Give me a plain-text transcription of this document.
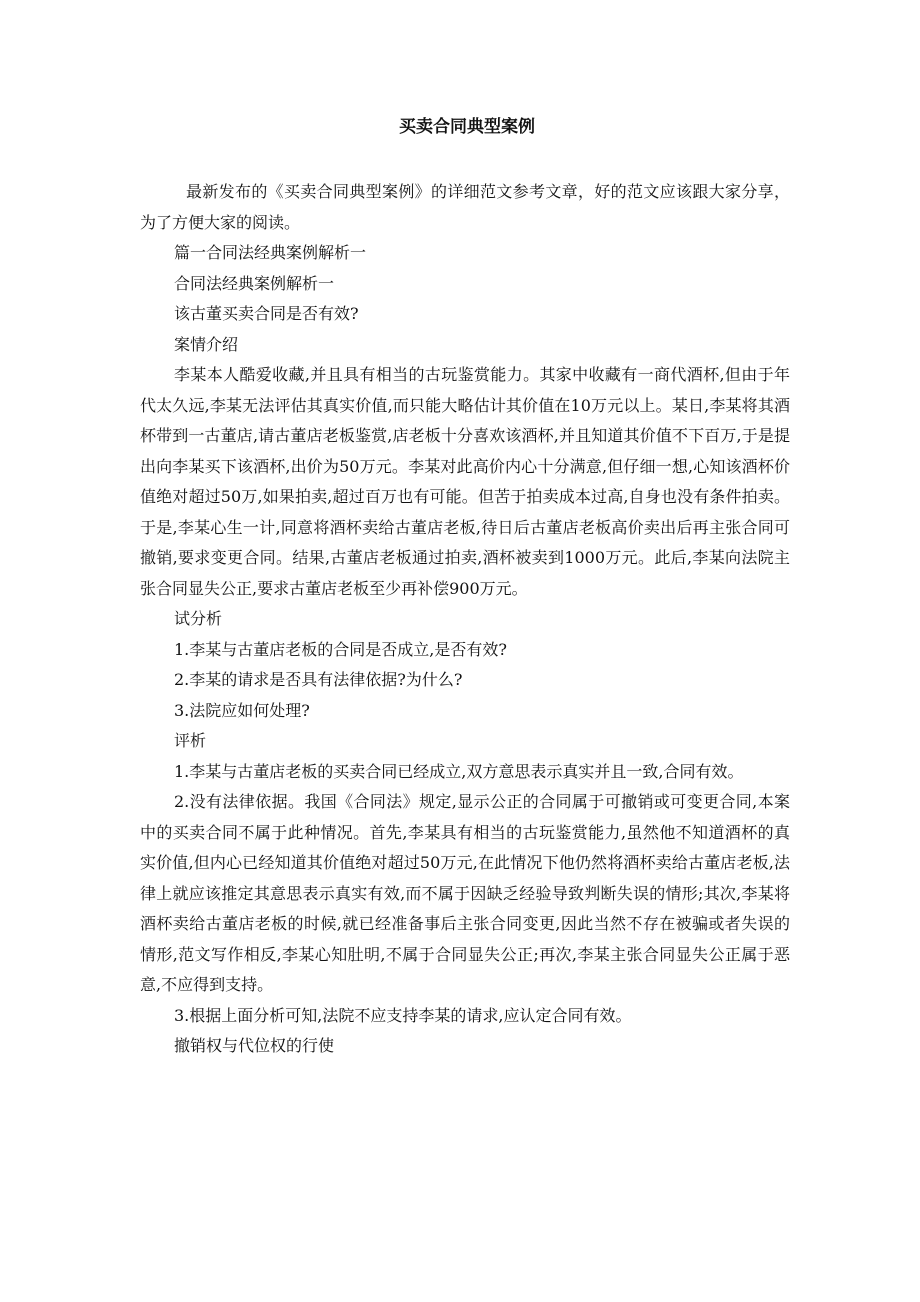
买卖合同典型案例

最新发布的《买卖合同典型案例》的详细范文参考文章，好的范文应该跟大家分享，为了方便大家的阅读。

篇一合同法经典案例解析一

合同法经典案例解析一

该古董买卖合同是否有效?

案情介绍

李某本人酷爱收藏,并且具有相当的古玩鉴赏能力。其家中收藏有一商代酒杯,但由于年代太久远,李某无法评估其真实价值,而只能大略估计其价值在10万元以上。某日,李某将其酒杯带到一古董店,请古董店老板鉴赏,店老板十分喜欢该酒杯,并且知道其价值不下百万,于是提出向李某买下该酒杯,出价为50万元。李某对此高价内心十分满意,但仔细一想,心知该酒杯价值绝对超过50万,如果拍卖,超过百万也有可能。但苦于拍卖成本过高,自身也没有条件拍卖。于是,李某心生一计,同意将酒杯卖给古董店老板,待日后古董店老板高价卖出后再主张合同可撤销,要求变更合同。结果,古董店老板通过拍卖,酒杯被卖到1000万元。此后,李某向法院主张合同显失公正,要求古董店老板至少再补偿900万元。

试分析

1.李某与古董店老板的合同是否成立,是否有效?

2.李某的请求是否具有法律依据?为什么?

3.法院应如何处理?

评析

1.李某与古董店老板的买卖合同已经成立,双方意思表示真实并且一致,合同有效。

2.没有法律依据。我国《合同法》规定,显示公正的合同属于可撤销或可变更合同,本案中的买卖合同不属于此种情况。首先,李某具有相当的古玩鉴赏能力,虽然他不知道酒杯的真实价值,但内心已经知道其价值绝对超过50万元,在此情况下他仍然将酒杯卖给古董店老板,法律上就应该推定其意思表示真实有效,而不属于因缺乏经验导致判断失误的情形;其次,李某将酒杯卖给古董店老板的时候,就已经准备事后主张合同变更,因此当然不存在被骗或者失误的情形,范文写作相反,李某心知肚明,不属于合同显失公正;再次,李某主张合同显失公正属于恶意,不应得到支持。

3.根据上面分析可知,法院不应支持李某的请求,应认定合同有效。

撤销权与代位权的行使
